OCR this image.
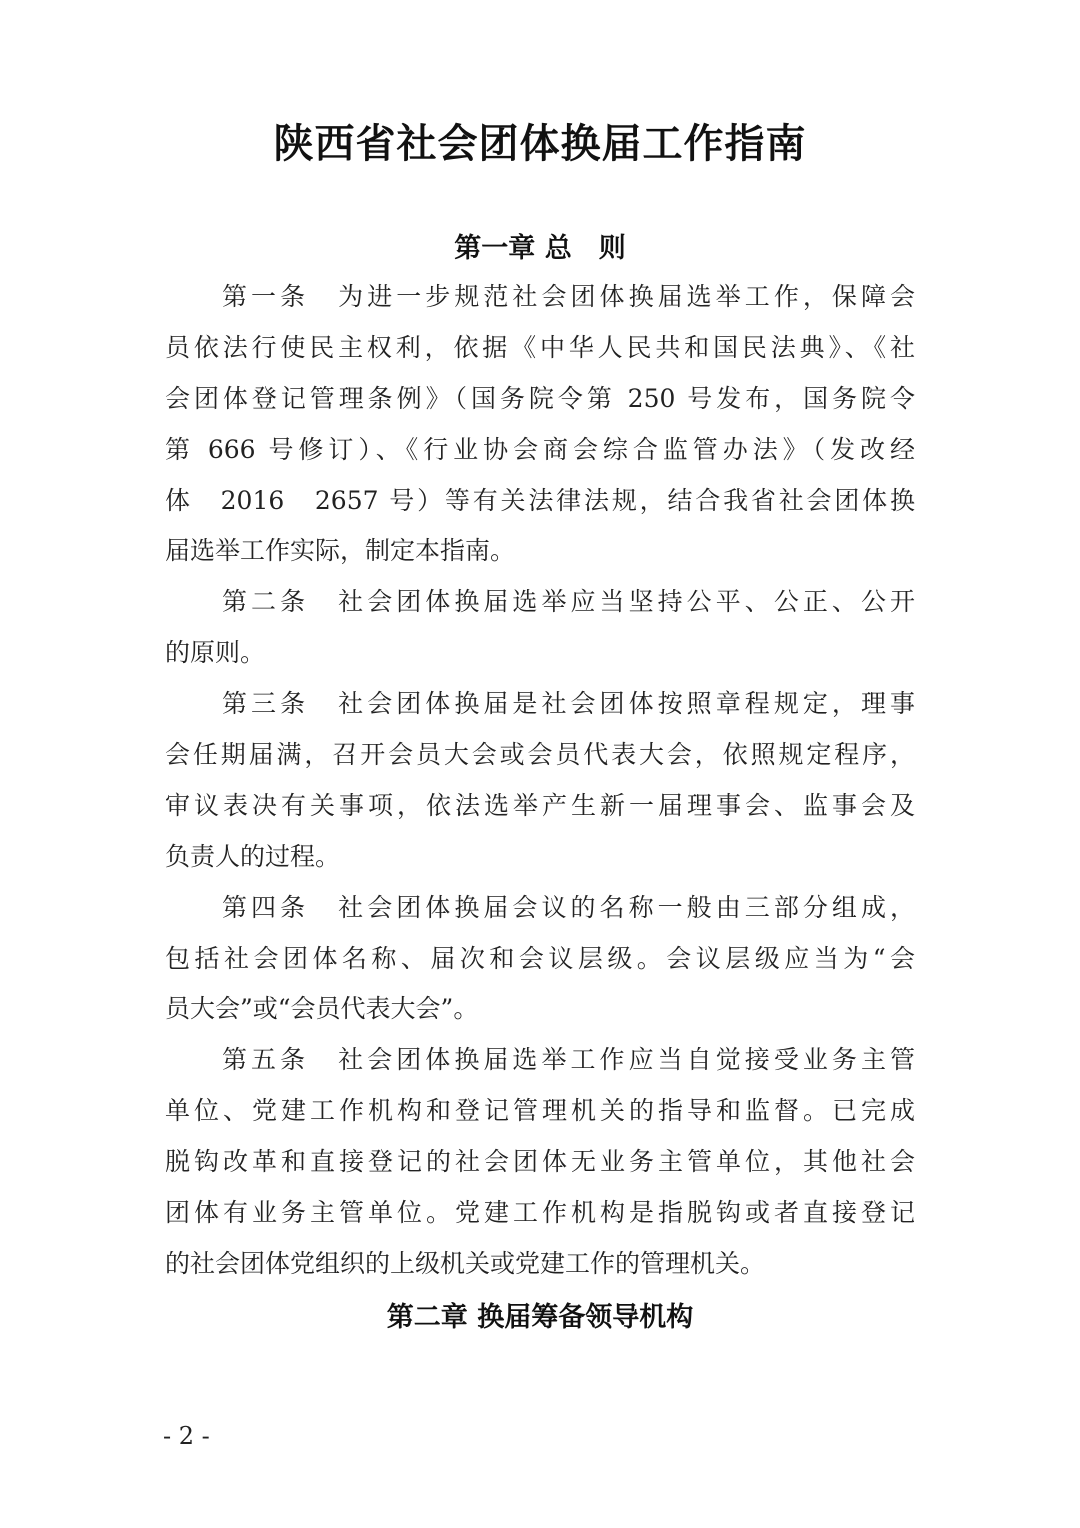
陕西省社会团体换届工作指南
第一章 总　则
第一条　为进一步规范社会团体换届选举工作，保障会
员依法行使民主权利，依据《中华人民共和国民法典》、《社
会团体登记管理条例》（国务院令第 250 号发布，国务院令
第 666 号修订）、《行业协会商会综合监管办法》（发改经
体　2016　2657 号）等有关法律法规，结合我省社会团体换
届选举工作实际，制定本指南。
第二条　社会团体换届选举应当坚持公平、公正、公开
的原则。
第三条　社会团体换届是社会团体按照章程规定，理事
会任期届满，召开会员大会或会员代表大会，依照规定程序，
审议表决有关事项，依法选举产生新一届理事会、监事会及
负责人的过程。
第四条　社会团体换届会议的名称一般由三部分组成，
包括社会团体名称、届次和会议层级。会议层级应当为“会
员大会”或“会员代表大会”。
第五条　社会团体换届选举工作应当自觉接受业务主管
单位、党建工作机构和登记管理机关的指导和监督。已完成
脱钩改革和直接登记的社会团体无业务主管单位，其他社会
团体有业务主管单位。党建工作机构是指脱钩或者直接登记
的社会团体党组织的上级机关或党建工作的管理机关。
第二章 换届筹备领导机构
- 2 -
